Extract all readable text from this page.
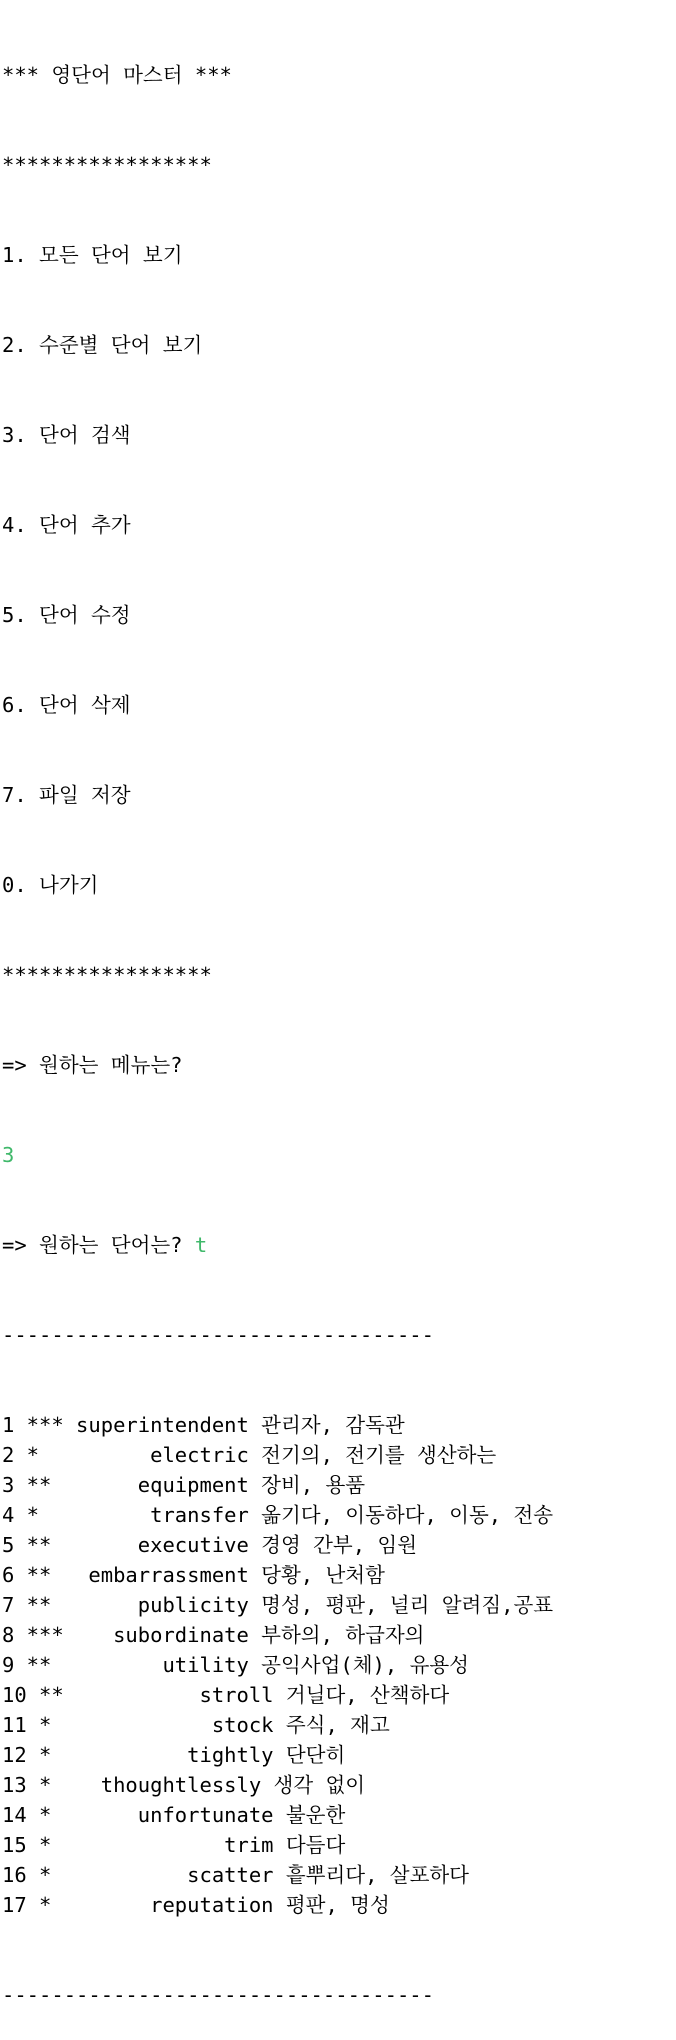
*** 영단어 마스터 ***

*****************

1. 모든 단어 보기

2. 수준별 단어 보기

3. 단어 검색

4. 단어 추가

5. 단어 수정

6. 단어 삭제

7. 파일 저장

0. 나가기

*****************

=> 원하는 메뉴는?

3

=> 원하는 단어는? t

-----------------------------------

1 *** superintendent 관리자, 감독관
2 *         electric 전기의, 전기를 생산하는
3 **       equipment 장비, 용품
4 *         transfer 옮기다, 이동하다, 이동, 전송
5 **       executive 경영 간부, 임원
6 **   embarrassment 당황, 난처함
7 **       publicity 명성, 평판, 널리 알려짐,공표
8 ***    subordinate 부하의, 하급자의
9 **         utility 공익사업(체), 유용성
10 **           stroll 거닐다, 산책하다
11 *             stock 주식, 재고
12 *           tightly 단단히
13 *    thoughtlessly 생각 없이
14 *       unfortunate 불운한
15 *              trim 다듬다
16 *           scatter 흩뿌리다, 살포하다
17 *        reputation 평판, 명성

-----------------------------------
